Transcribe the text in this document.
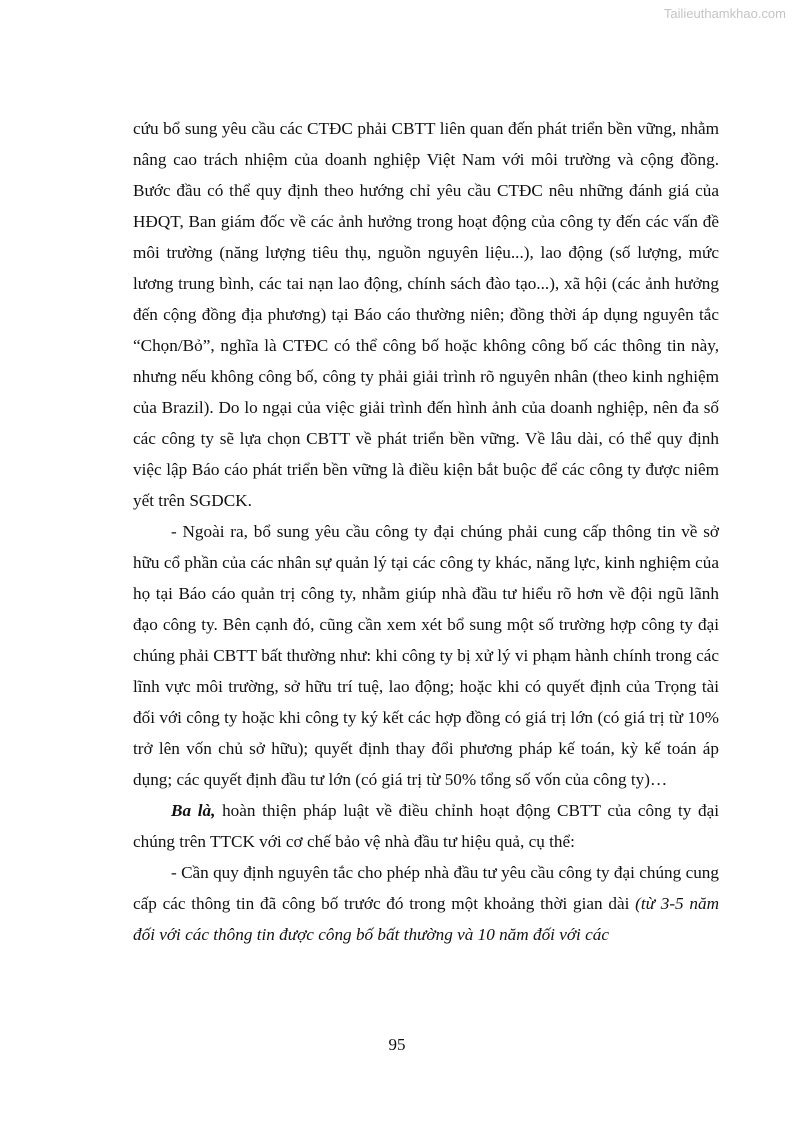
Tailieuthamkhao.com

cứu bổ sung yêu cầu các CTĐC phải CBTT liên quan đến phát triển bền vững, nhằm nâng cao trách nhiệm của doanh nghiệp Việt Nam với môi trường và cộng đồng. Bước đầu có thể quy định theo hướng chỉ yêu cầu CTĐC nêu những đánh giá của HĐQT, Ban giám đốc về các ảnh hưởng trong hoạt động của công ty đến các vấn đề môi trường (năng lượng tiêu thụ, nguồn nguyên liệu...), lao động (số lượng, mức lương trung bình, các tai nạn lao động, chính sách đào tạo...), xã hội (các ảnh hưởng đến cộng đồng địa phương) tại Báo cáo thường niên; đồng thời áp dụng nguyên tắc “Chọn/Bỏ”, nghĩa là CTĐC có thể công bố hoặc không công bố các thông tin này, nhưng nếu không công bố, công ty phải giải trình rõ nguyên nhân (theo kinh nghiệm của Brazil). Do lo ngại của việc giải trình đến hình ảnh của doanh nghiệp, nên đa số các công ty sẽ lựa chọn CBTT về phát triển bền vững. Về lâu dài, có thể quy định việc lập Báo cáo phát triển bền vững là điều kiện bắt buộc để các công ty được niêm yết trên SGDCK.

- Ngoài ra, bổ sung yêu cầu công ty đại chúng phải cung cấp thông tin về sở hữu cổ phần của các nhân sự quản lý tại các công ty khác, năng lực, kinh nghiệm của họ tại Báo cáo quản trị công ty, nhằm giúp nhà đầu tư hiểu rõ hơn về đội ngũ lãnh đạo công ty. Bên cạnh đó, cũng cần xem xét bổ sung một số trường hợp công ty đại chúng phải CBTT bất thường như: khi công ty bị xử lý vi phạm hành chính trong các lĩnh vực môi trường, sở hữu trí tuệ, lao động; hoặc khi có quyết định của Trọng tài đối với công ty hoặc khi công ty ký kết các hợp đồng có giá trị lớn (có giá trị từ 10% trở lên vốn chủ sở hữu); quyết định thay đổi phương pháp kế toán, kỳ kế toán áp dụng; các quyết định đầu tư lớn (có giá trị từ 50% tổng số vốn của công ty)…

Ba là, hoàn thiện pháp luật về điều chỉnh hoạt động CBTT của công ty đại chúng trên TTCK với cơ chế bảo vệ nhà đầu tư hiệu quả, cụ thể:

- Cần quy định nguyên tắc cho phép nhà đầu tư yêu cầu công ty đại chúng cung cấp các thông tin đã công bố trước đó trong một khoảng thời gian dài (từ 3-5 năm đối với các thông tin được công bố bất thường và 10 năm đối với các

95
